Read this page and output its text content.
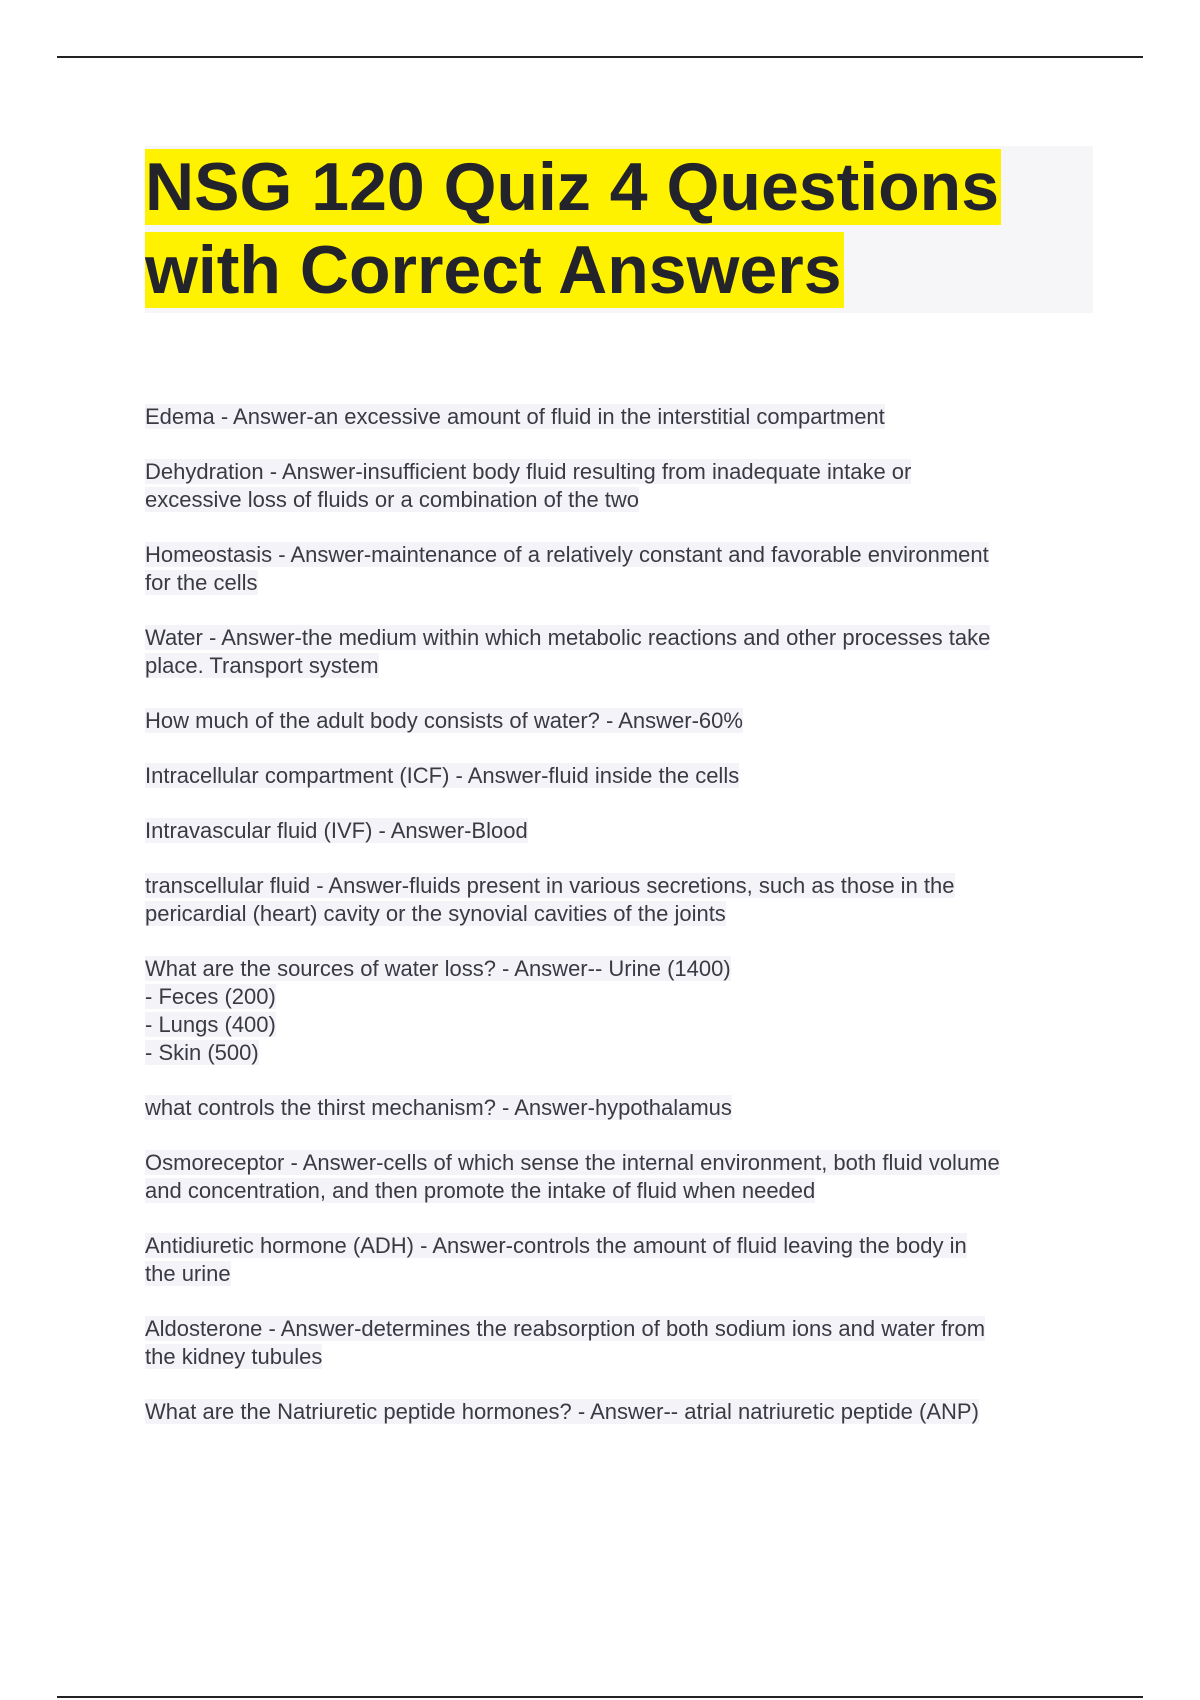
NSG 120 Quiz 4 Questions
with Correct Answers
Edema - Answer-an excessive amount of fluid in the interstitial compartment
Dehydration - Answer-insufficient body fluid resulting from inadequate intake or
excessive loss of fluids or a combination of the two
Homeostasis - Answer-maintenance of a relatively constant and favorable environment
for the cells
Water - Answer-the medium within which metabolic reactions and other processes take
place. Transport system
How much of the adult body consists of water? - Answer-60%
Intracellular compartment (ICF) - Answer-fluid inside the cells
Intravascular fluid (IVF) - Answer-Blood
transcellular fluid - Answer-fluids present in various secretions, such as those in the
pericardial (heart) cavity or the synovial cavities of the joints
What are the sources of water loss? - Answer-- Urine (1400)
- Feces (200)
- Lungs (400)
- Skin (500)
what controls the thirst mechanism? - Answer-hypothalamus
Osmoreceptor - Answer-cells of which sense the internal environment, both fluid volume
and concentration, and then promote the intake of fluid when needed
Antidiuretic hormone (ADH) - Answer-controls the amount of fluid leaving the body in
the urine
Aldosterone - Answer-determines the reabsorption of both sodium ions and water from
the kidney tubules
What are the Natriuretic peptide hormones? - Answer-- atrial natriuretic peptide (ANP)
